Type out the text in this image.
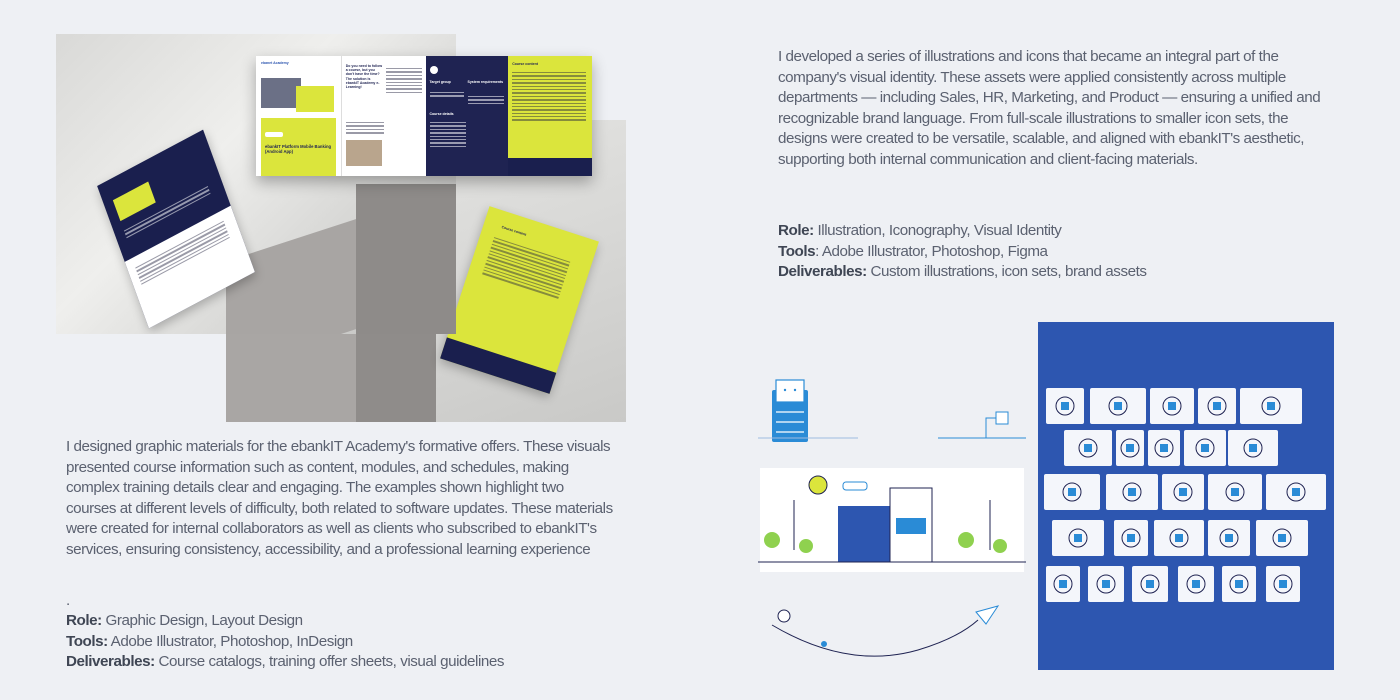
Course content
ebanet Academy
ebankIT Platform Mobile Banking (Android App)
Do you need to follow a course, but you don't have the time? The solution is ebankIT Academy e-Learning!
Target group	System requirements
Course details
Course content
I designed graphic materials for the ebankIT Academy's formative offers. These visuals presented course information such as content, modules, and schedules, making complex training details clear and engaging. The examples shown highlight two courses at different levels of difficulty, both related to software updates. These materials were created for internal collaborators as well as clients who subscribed to ebankIT's services, ensuring consistency, accessibility, and a professional learning experience
.
Role: Graphic Design, Layout Design
Tools: Adobe Illustrator, Photoshop, InDesign
Deliverables: Course catalogs, training offer sheets, visual guidelines
I developed a series of illustrations and icons that became an integral part of the company's visual identity. These assets were applied consistently across multiple departments — including Sales, HR, Marketing, and Product — ensuring a unified and recognizable brand language. From full-scale illustrations to smaller icon sets, the designs were created to be versatile, scalable, and aligned with ebankIT's aesthetic, supporting both internal communication and client-facing materials.
Role: Illustration, Iconography, Visual Identity
Tools: Adobe Illustrator, Photoshop, Figma
Deliverables: Custom illustrations, icon sets, brand assets
